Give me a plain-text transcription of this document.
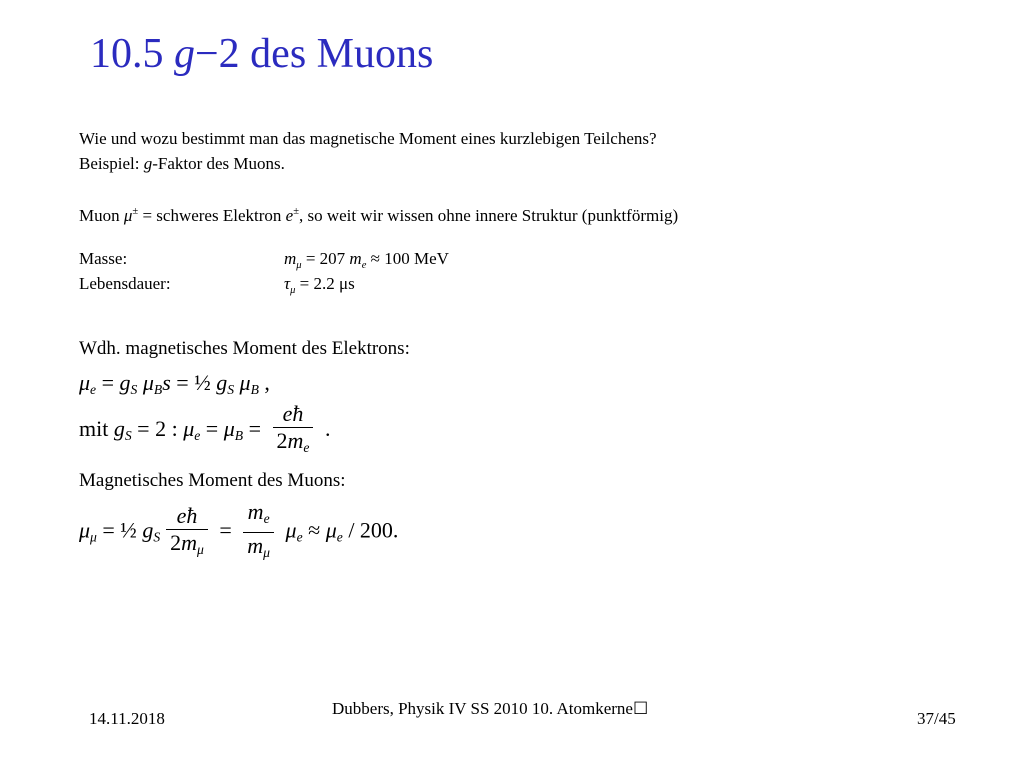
10.5 g−2 des Muons
Wie und wozu bestimmt man das magnetische Moment eines kurzlebigen Teilchens?
Beispiel: g-Faktor des Muons.
Muon μ± = schweres Elektron e±, so weit wir wissen ohne innere Struktur (punktförmig)
Masse:	$m_\mu = 207$ $m_e \approx 100$ MeV
Lebensdauer:	$\tau_\mu = 2.2$ μs
Wdh. magnetisches Moment des Elektrons:
$\mu_e = g_S$ $\mu_Bs$ = ½ $g_S$ $\mu_B$ ,
mit $g_S = 2$ : $\mu_e = \mu_B = \frac{eħ}{2m_e}$ .
Magnetisches Moment des Muons:
$\mu_\mu$ = ½ $g_S \frac{eħ}{2m_\mu} = \frac{m_e}{m_\mu} \mu_e \approx \mu_e / 200$.
14.11.2018
Dubbers, Physik IV SS 2010 10. Atomkerne☐
37/45
